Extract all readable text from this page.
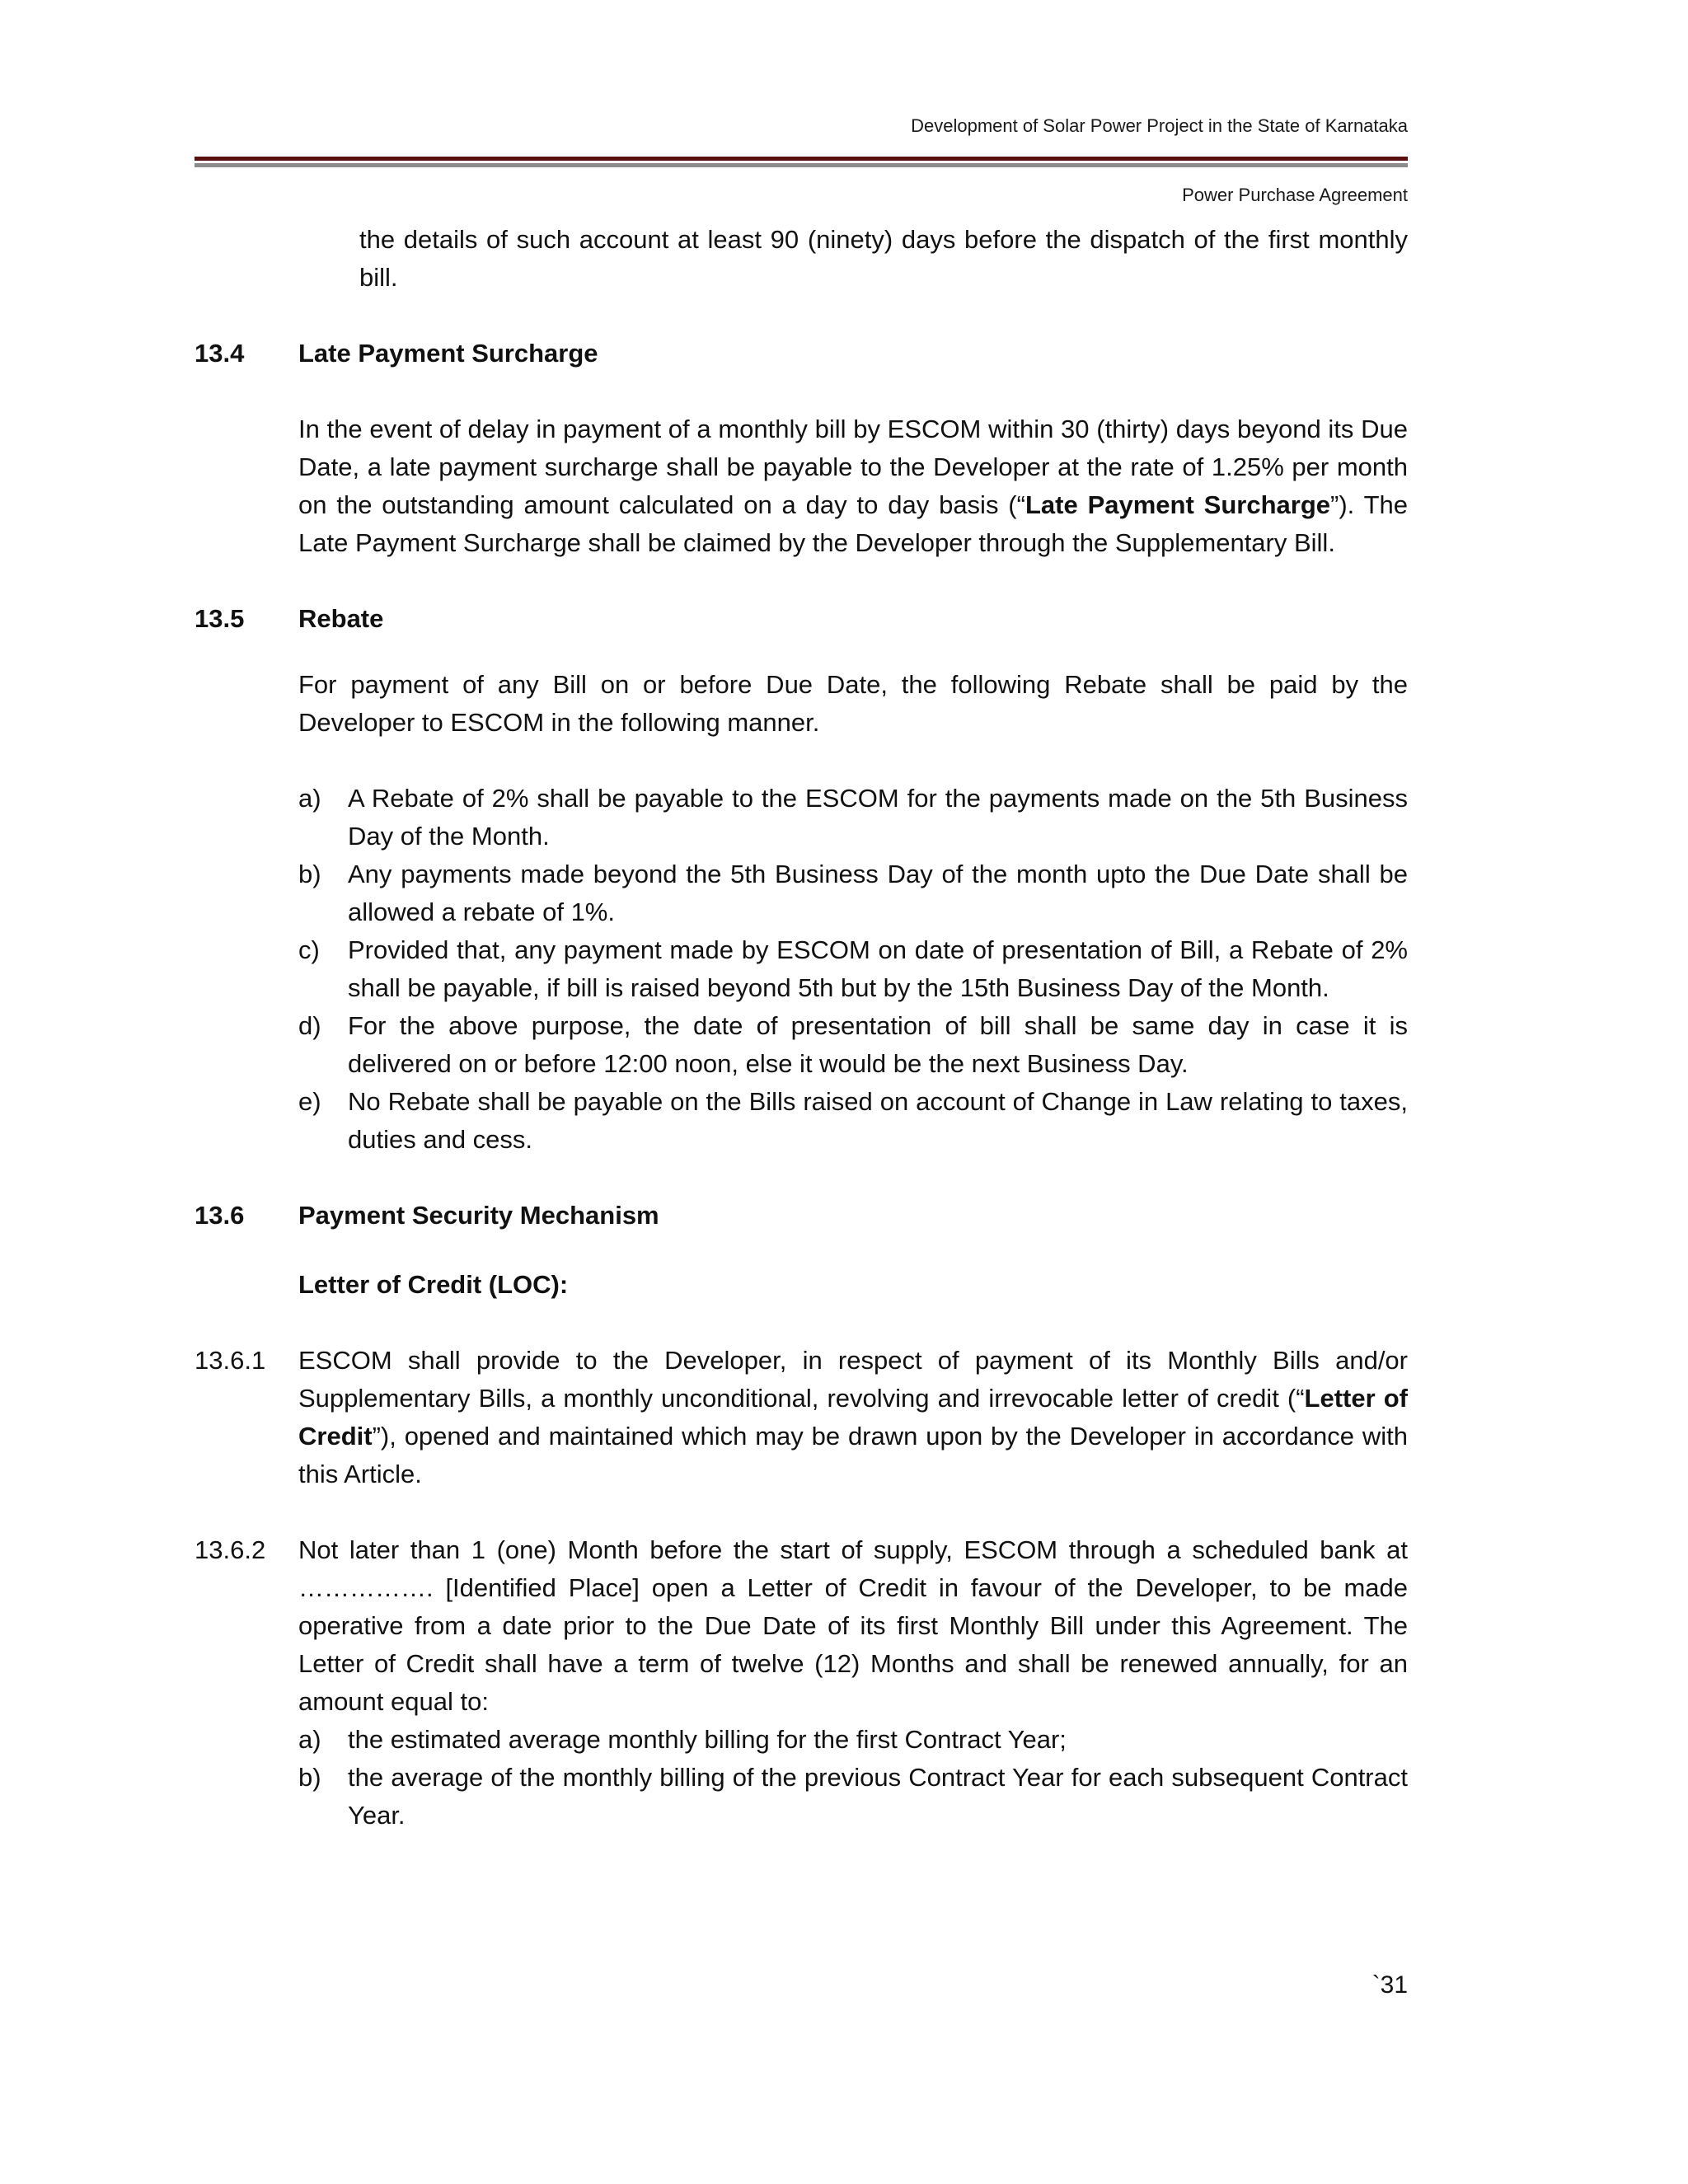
Development of Solar Power Project in the State of Karnataka
Power Purchase Agreement

the details of such account at least 90 (ninety) days before the dispatch of the first monthly bill.

13.4	Late Payment Surcharge

In the event of delay in payment of a monthly bill by ESCOM within 30 (thirty) days beyond its Due Date, a late payment surcharge shall be payable to the Developer at the rate of 1.25% per month on the outstanding amount calculated on a day to day basis (“Late Payment Surcharge”). The Late Payment Surcharge shall be claimed by the Developer through the Supplementary Bill.

13.5	Rebate

For payment of any Bill on or before Due Date, the following Rebate shall be paid by the Developer to ESCOM in the following manner.

a)	A Rebate of 2% shall be payable to the ESCOM for the payments made on the 5th Business Day of the Month.
b)	Any payments made beyond the 5th Business Day of the month upto the Due Date shall be allowed a rebate of 1%.
c)	Provided that, any payment made by ESCOM on date of presentation of Bill, a Rebate of 2% shall be payable, if bill is raised beyond 5th but by the 15th Business Day of the Month.
d)	For the above purpose, the date of presentation of bill shall be same day in case it is delivered on or before 12:00 noon, else it would be the next Business Day.
e)	No Rebate shall be payable on the Bills raised on account of Change in Law relating to taxes, duties and cess.
13.6	Payment Security Mechanism
Letter of Credit (LOC):
13.6.1	ESCOM shall provide to the Developer, in respect of payment of its Monthly Bills and/or Supplementary Bills, a monthly unconditional, revolving and irrevocable letter of credit (“Letter of Credit”), opened and maintained which may be drawn upon by the Developer in accordance with this Article.
13.6.2	Not later than 1 (one) Month before the start of supply, ESCOM through a scheduled bank at ……………. [Identified Place] open a Letter of Credit in favour of the Developer, to be made operative from a date prior to the Due Date of its first Monthly Bill under this Agreement. The Letter of Credit shall have a term of twelve (12) Months and shall be renewed annually, for an amount equal to:
a)	the estimated average monthly billing for the first Contract Year;
b)	the average of the monthly billing of the previous Contract Year for each subsequent Contract Year.
`31
